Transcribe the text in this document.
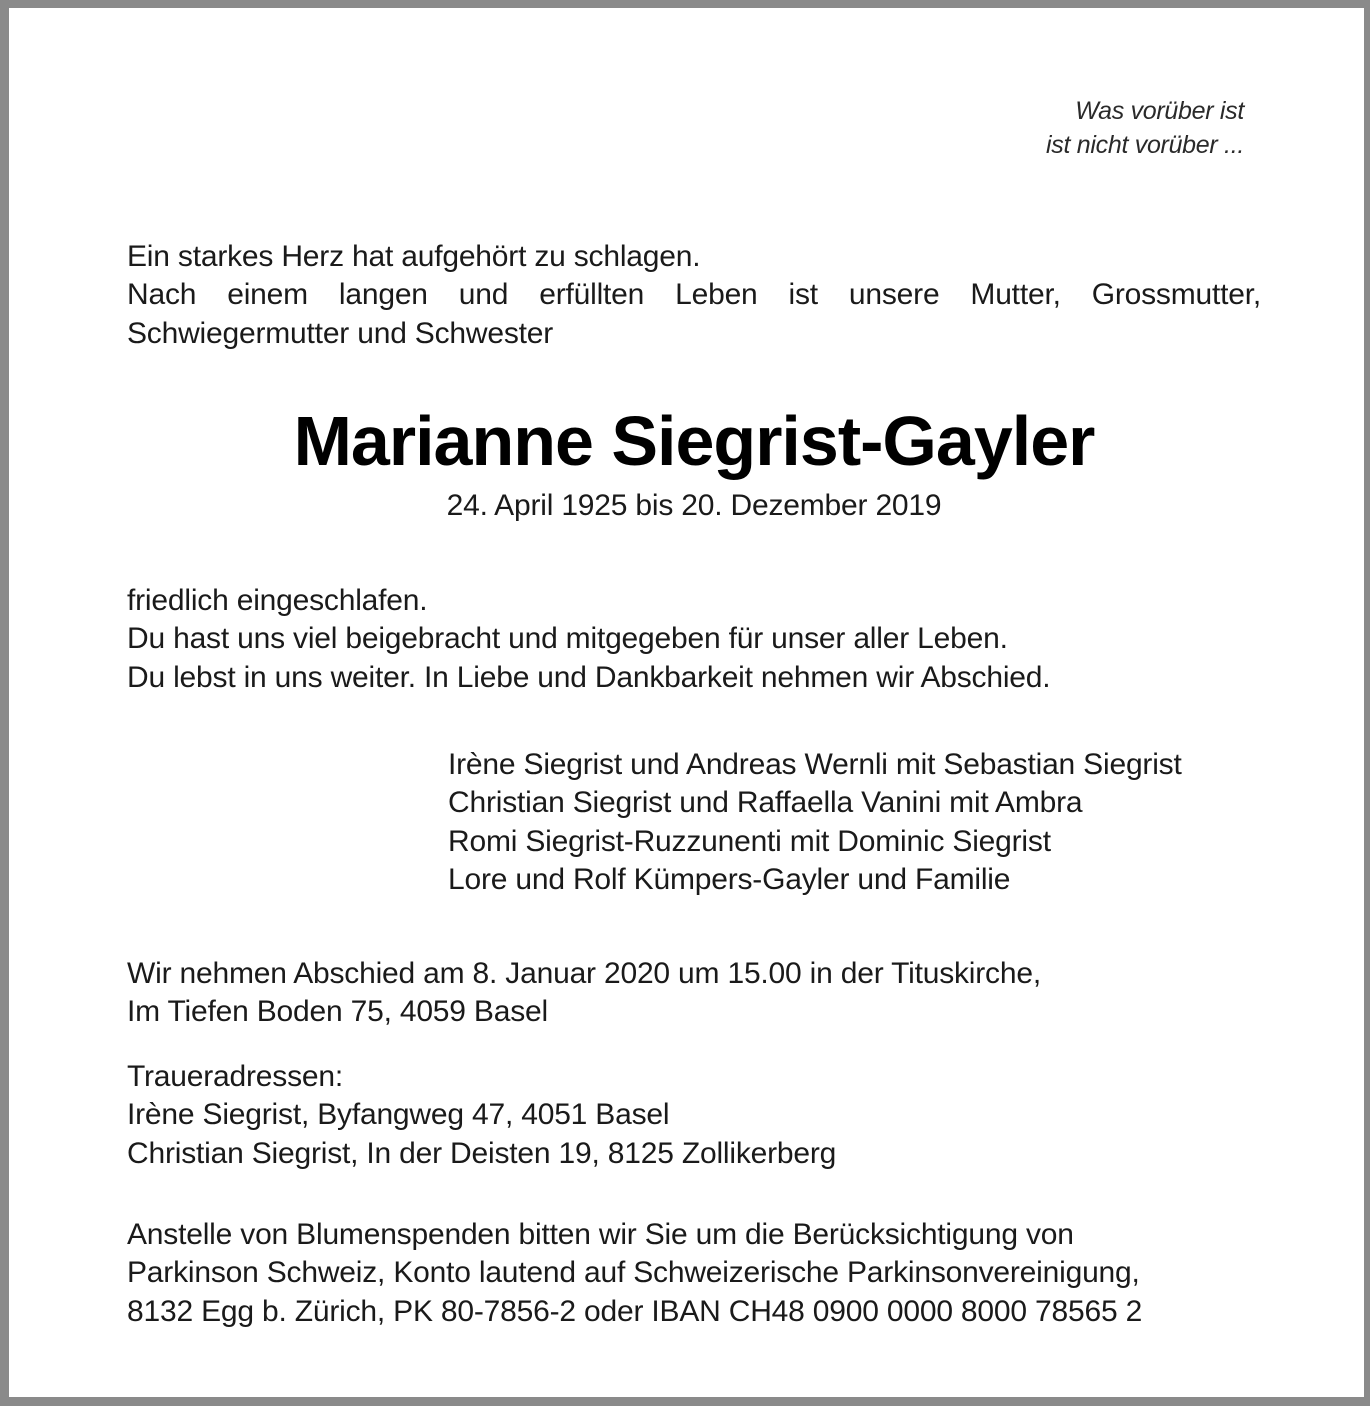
Was vorüber ist
ist nicht vorüber ...
Ein starkes Herz hat aufgehört zu schlagen.
Nach einem langen und erfüllten Leben ist unsere Mutter, Grossmutter,
Schwiegermutter und Schwester
Marianne Siegrist-Gayler
24. April 1925 bis 20. Dezember 2019
friedlich eingeschlafen.
Du hast uns viel beigebracht und mitgegeben für unser aller Leben.
Du lebst in uns weiter. In Liebe und Dankbarkeit nehmen wir Abschied.
Irène Siegrist und Andreas Wernli mit Sebastian Siegrist
Christian Siegrist und Raffaella Vanini mit Ambra
Romi Siegrist-Ruzzunenti mit Dominic Siegrist
Lore und Rolf Kümpers-Gayler und Familie
Wir nehmen Abschied am 8. Januar 2020 um 15.00 in der Tituskirche,
Im Tiefen Boden 75, 4059 Basel
Traueradressen:
Irène Siegrist, Byfangweg 47, 4051 Basel
Christian Siegrist, In der Deisten 19, 8125 Zollikerberg
Anstelle von Blumenspenden bitten wir Sie um die Berücksichtigung von
Parkinson Schweiz, Konto lautend auf Schweizerische Parkinsonvereinigung,
8132 Egg b. Zürich, PK 80-7856-2 oder IBAN CH48 0900 0000 8000 78565 2
